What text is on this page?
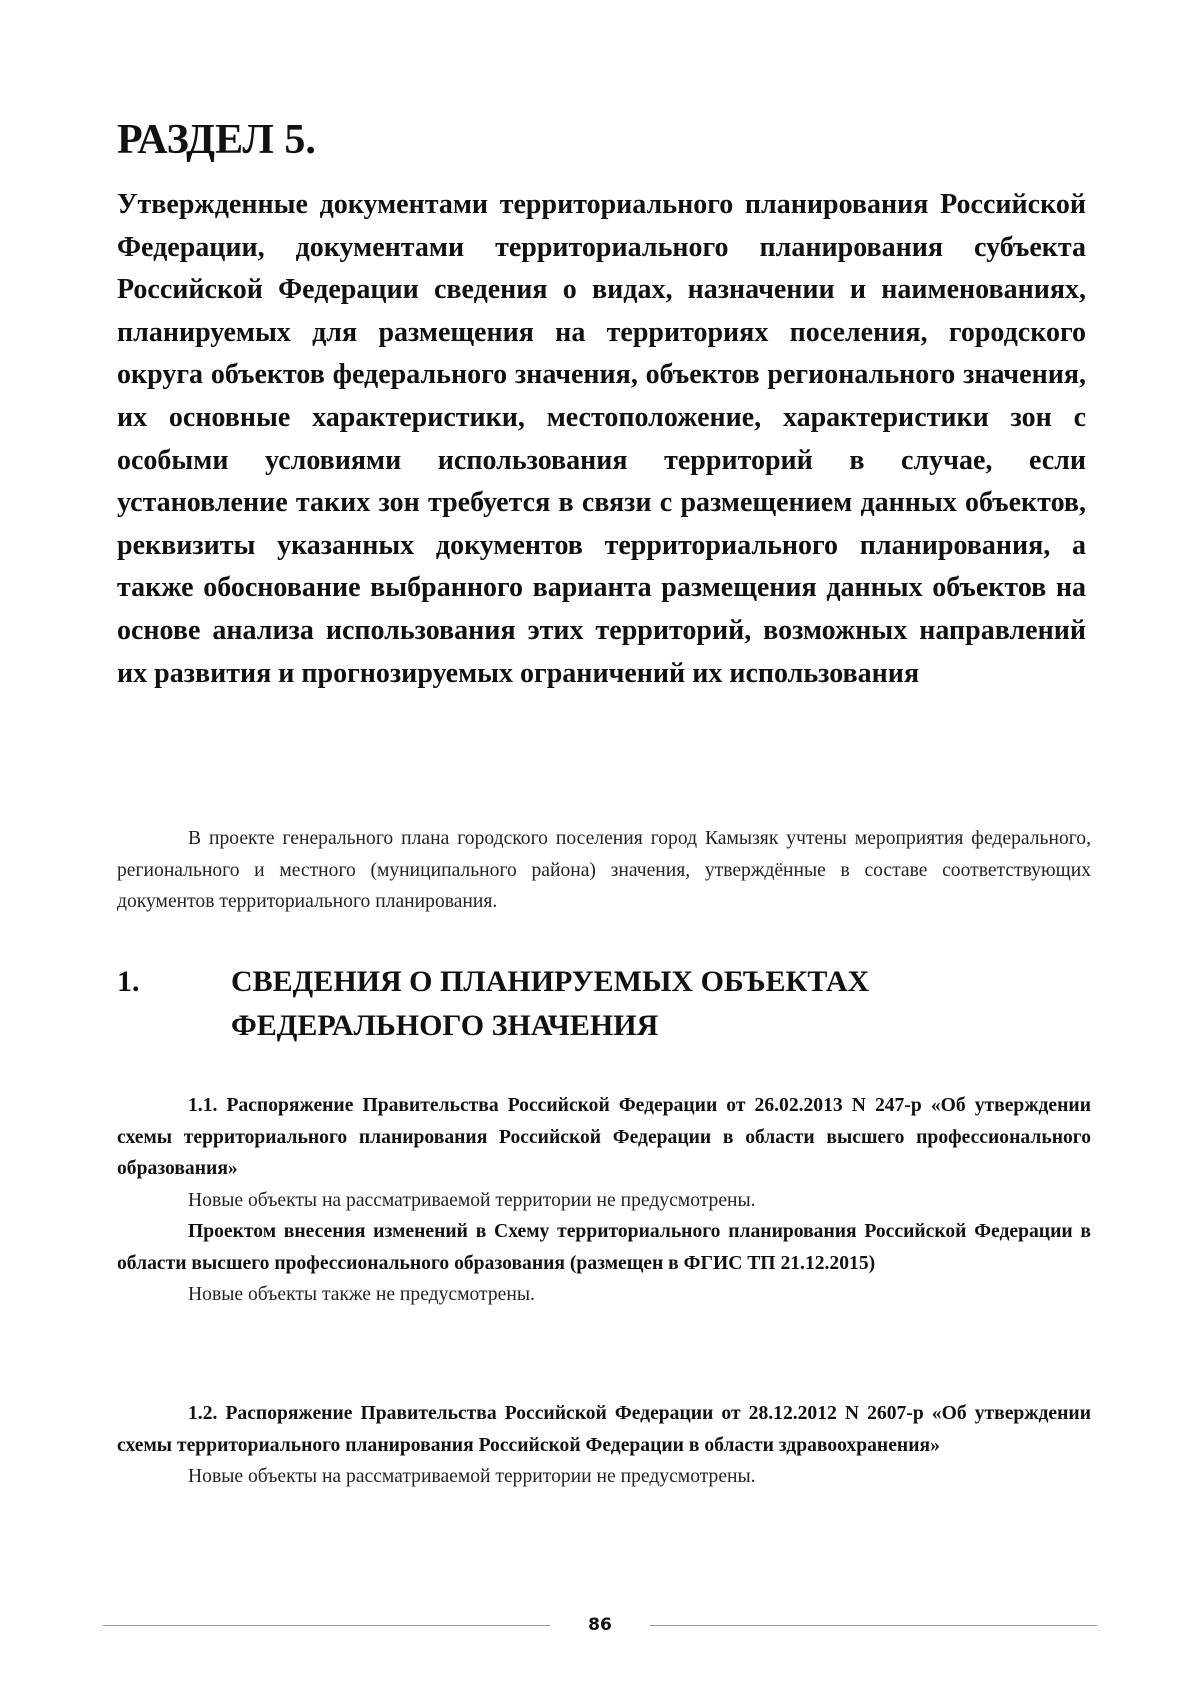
РАЗДЕЛ 5.

Утвержденные документами территориального планирования Российской Федерации, документами территориального планирования субъекта Российской Федерации сведения о видах, назначении и наименованиях, планируемых для размещения на территориях поселения, городского округа объектов федерального значения, объектов регионального значения, их основные характеристики, местоположение, характеристики зон с особыми условиями использования территорий в случае, если установление таких зон требуется в связи с размещением данных объектов, реквизиты указанных документов территориального планирования, а также обоснование выбранного варианта размещения данных объектов на основе анализа использования этих территорий, возможных направлений их развития и прогнозируемых ограничений их использования

В проекте генерального плана городского поселения город Камызяк учтены мероприятия федерального, регионального и местного (муниципального района) значения, утверждённые в составе соответствующих документов территориального планирования.

1.	СВЕДЕНИЯ О ПЛАНИРУЕМЫХ ОБЪЕКТАХ ФЕДЕРАЛЬНОГО ЗНАЧЕНИЯ

1.1. Распоряжение Правительства Российской Федерации от 26.02.2013 N 247-р «Об утверждении схемы территориального планирования Российской Федерации в области высшего профессионального образования»

Новые объекты на рассматриваемой территории не предусмотрены.

Проектом внесения изменений в Схему территориального планирования Российской Федерации в области высшего профессионального образования (размещен в ФГИС ТП 21.12.2015)

Новые объекты также не предусмотрены.

1.2. Распоряжение Правительства Российской Федерации от 28.12.2012 N 2607-р «Об утверждении схемы территориального планирования Российской Федерации в области здравоохранения»

Новые объекты на рассматриваемой территории не предусмотрены.

86
